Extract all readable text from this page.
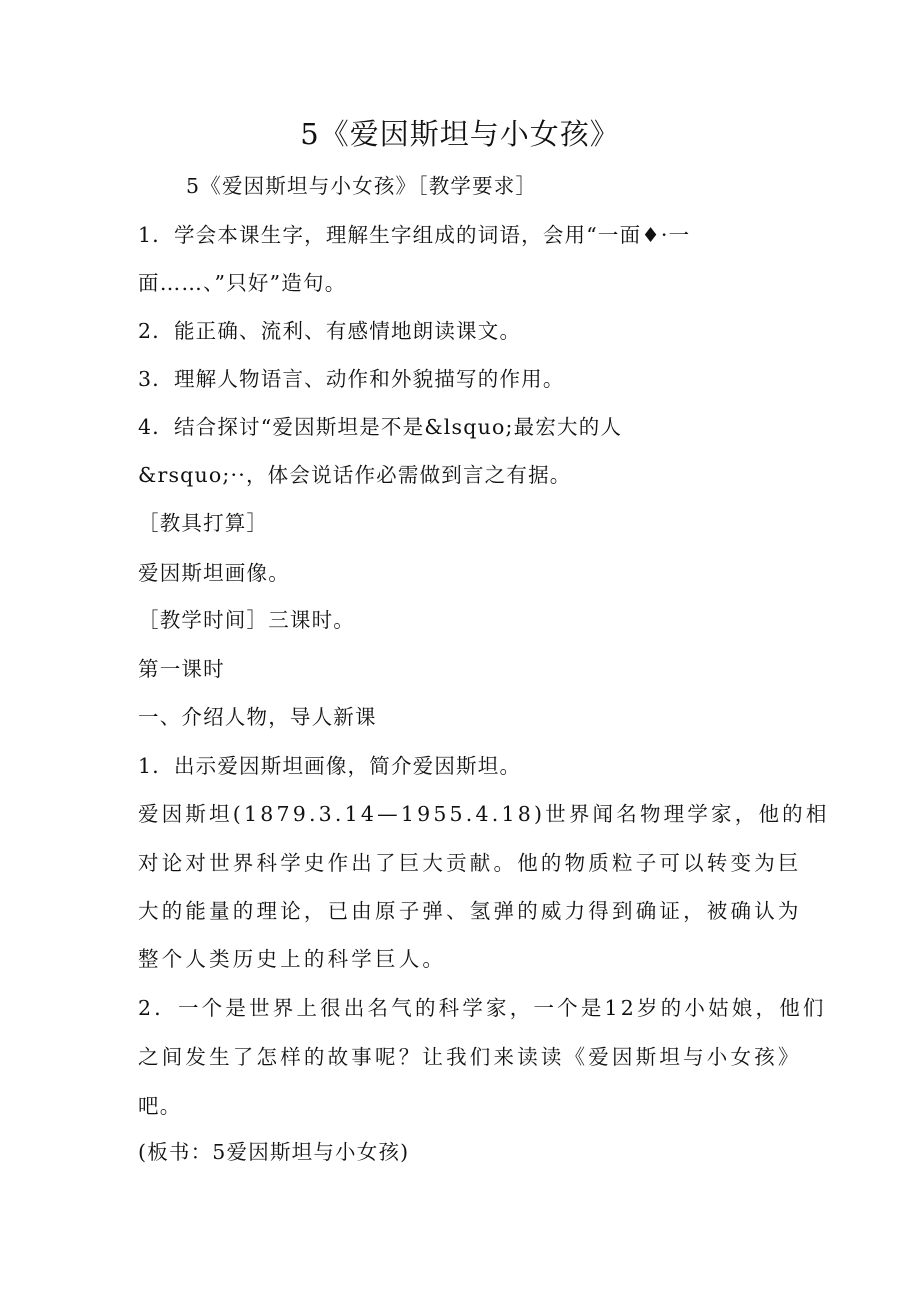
5《爱因斯坦与小女孩》
5《爱因斯坦与小女孩》［教学要求］
1．学会本课生字，理解生字组成的词语，会用“一面♦·一
面……、”只好”造句。
2．能正确、流利、有感情地朗读课文。
3．理解人物语言、动作和外貌描写的作用。
4．结合探讨“爱因斯坦是不是&lsquo;最宏大的人
&rsquo;··，体会说话作必需做到言之有据。
［教具打算］
爱因斯坦画像。
［教学时间］三课时。
第一课时
一、介绍人物，导人新课
1．出示爱因斯坦画像，简介爱因斯坦。
爱因斯坦(1879.3.14—1955.4.18)世界闻名物理学家，他的相
对论对世界科学史作出了巨大贡献。他的物质粒子可以转变为巨
大的能量的理论，已由原子弹、氢弹的威力得到确证，被确认为
整个人类历史上的科学巨人。
2．一个是世界上很出名气的科学家，一个是12岁的小姑娘，他们
之间发生了怎样的故事呢？让我们来读读《爱因斯坦与小女孩》
吧。
(板书：5爱因斯坦与小女孩)
